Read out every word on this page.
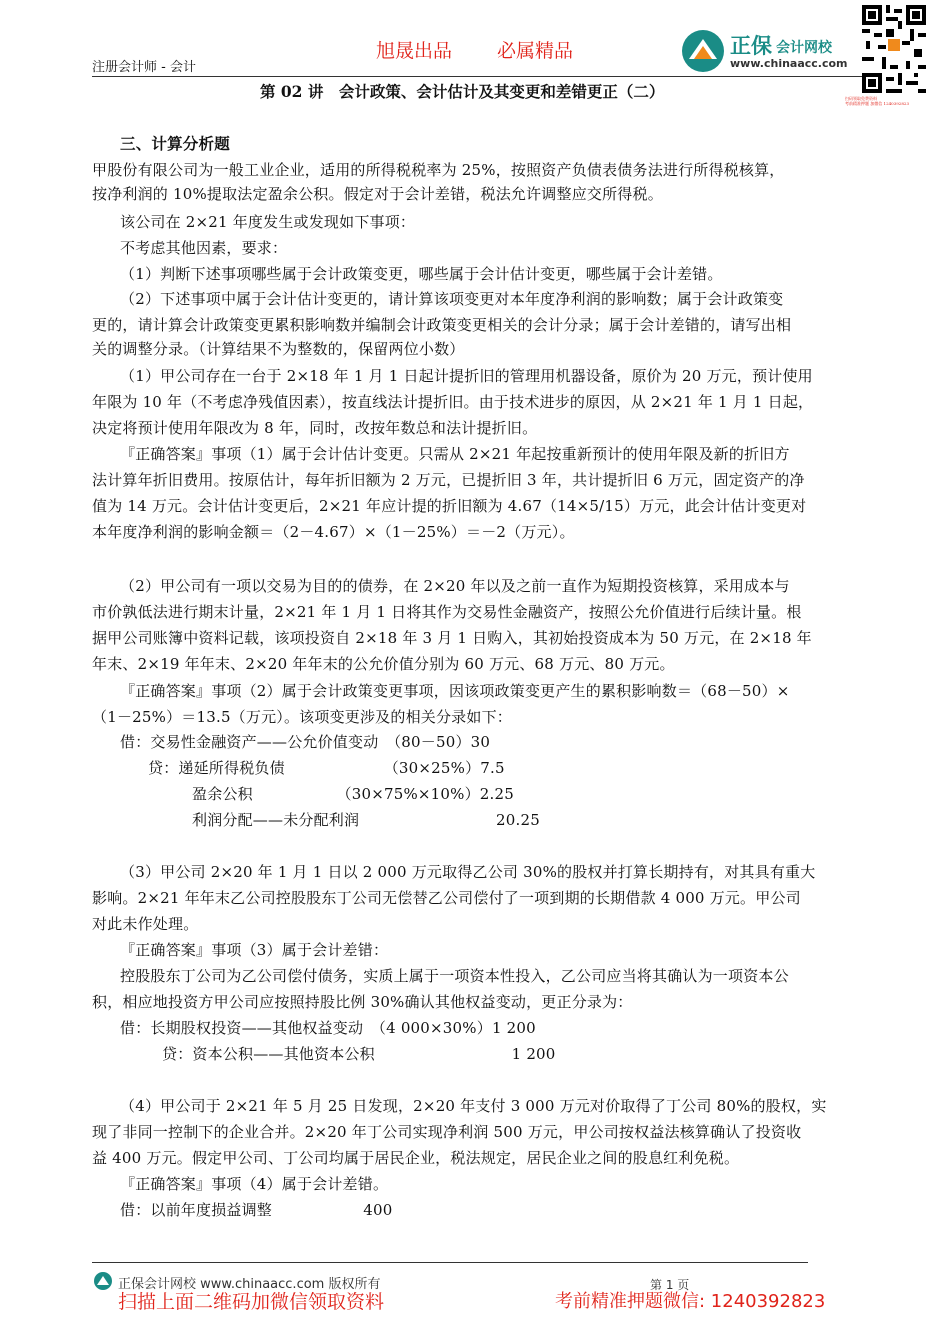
旭晟出品 必属精品
注册会计师 - 会计
正保 会计网校
www.chinaacc.com
扫码领取免费资料
考前精准押题 加微信 1240392823
第 02 讲　会计政策、会计估计及其变更和差错更正（二）
三、计算分析题
甲股份有限公司为一般工业企业，适用的所得税税率为 25%，按照资产负债表债务法进行所得税核算，
按净利润的 10%提取法定盈余公积。假定对于会计差错，税法允许调整应交所得税。
该公司在 2×21 年度发生或发现如下事项：
不考虑其他因素，要求：
（1）判断下述事项哪些属于会计政策变更，哪些属于会计估计变更，哪些属于会计差错。
（2）下述事项中属于会计估计变更的，请计算该项变更对本年度净利润的影响数；属于会计政策变
更的，请计算会计政策变更累积影响数并编制会计政策变更相关的会计分录；属于会计差错的，请写出相
关的调整分录。（计算结果不为整数的，保留两位小数）
（1）甲公司存在一台于 2×18 年 1 月 1 日起计提折旧的管理用机器设备，原价为 20 万元，预计使用
年限为 10 年（不考虑净残值因素），按直线法计提折旧。由于技术进步的原因，从 2×21 年 1 月 1 日起，
决定将预计使用年限改为 8 年，同时，改按年数总和法计提折旧。
『正确答案』事项（1）属于会计估计变更。只需从 2×21 年起按重新预计的使用年限及新的折旧方
法计算年折旧费用。按原估计，每年折旧额为 2 万元，已提折旧 3 年，共计提折旧 6 万元，固定资产的净
值为 14 万元。会计估计变更后，2×21 年应计提的折旧额为 4.67（14×5/15）万元，此会计估计变更对
本年度净利润的影响金额＝（2－4.67）×（1－25%）＝－2（万元）。
（2）甲公司有一项以交易为目的的债券，在 2×20 年以及之前一直作为短期投资核算，采用成本与
市价孰低法进行期末计量，2×21 年 1 月 1 日将其作为交易性金融资产，按照公允价值进行后续计量。根
据甲公司账簿中资料记载，该项投资自 2×18 年 3 月 1 日购入，其初始投资成本为 50 万元，在 2×18 年
年末、2×19 年年末、2×20 年年末的公允价值分别为 60 万元、68 万元、80 万元。
『正确答案』事项（2）属于会计政策变更事项，因该项政策变更产生的累积影响数＝（68－50）×
（1－25%）＝13.5（万元）。该项变更涉及的相关分录如下：
借：交易性金融资产——公允价值变动　（80－50）30
贷：递延所得税负债　　　　　　　（30×25%）7.5
盈余公积　　　　　　（30×75%×10%）2.25
利润分配——未分配利润　　　　　　　　　20.25
（3）甲公司 2×20 年 1 月 1 日以 2 000 万元取得乙公司 30%的股权并打算长期持有，对其具有重大
影响。2×21 年年末乙公司控股股东丁公司无偿替乙公司偿付了一项到期的长期借款 4 000 万元。甲公司
对此未作处理。
『正确答案』事项（3）属于会计差错：
控股股东丁公司为乙公司偿付债务，实质上属于一项资本性投入，乙公司应当将其确认为一项资本公
积，相应地投资方甲公司应按照持股比例 30%确认其他权益变动，更正分录为：
借：长期股权投资——其他权益变动　（4 000×30%）1 200
贷：资本公积——其他资本公积　　　　　　　　　1 200
（4）甲公司于 2×21 年 5 月 25 日发现，2×20 年支付 3 000 万元对价取得了丁公司 80%的股权，实
现了非同一控制下的企业合并。2×20 年丁公司实现净利润 500 万元，甲公司按权益法核算确认了投资收
益 400 万元。假定甲公司、丁公司均属于居民企业，税法规定，居民企业之间的股息红利免税。
『正确答案』事项（4）属于会计差错。
借：以前年度损益调整　　　　　　400
正保会计网校 www.chinaacc.com 版权所有	第 1 页
扫描上面二维码加微信领取资料	考前精准押题微信: 1240392823
